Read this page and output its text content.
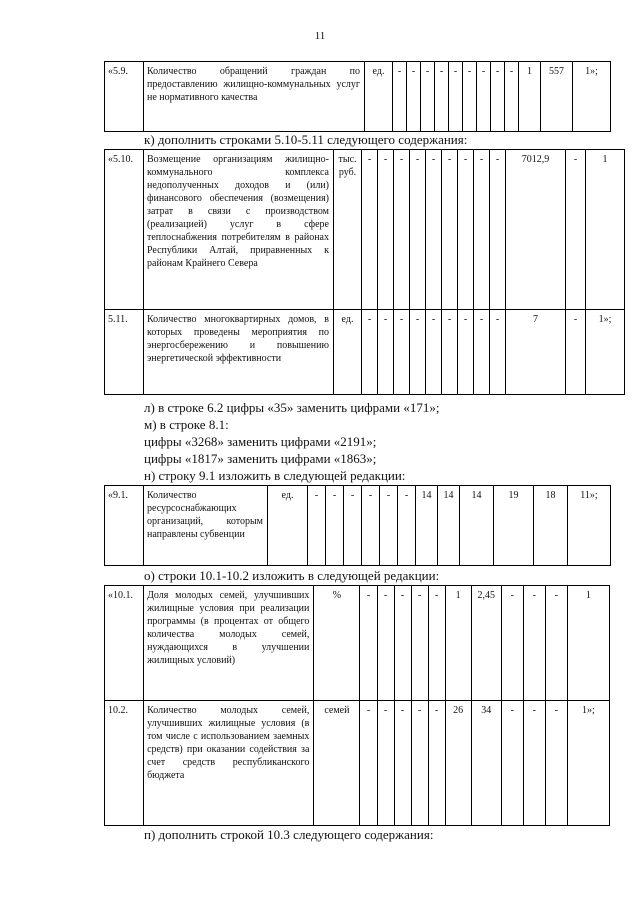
11
«5.9.	Количество обращений граждан по предоставлению жилищно-коммунальных услуг не нормативного качества	ед.	-	-	-	-	-	-	-	-	-	1	557	1»;
к) дополнить строками 5.10-5.11 следующего содержания:
«5.10.	Возмещение организациям жилищно-коммунального комплекса недополученных доходов и (или) финансового обеспечения (возмещения) затрат в связи с производством (реализацией) услуг в сфере теплоснабжения потребителям в районах Республики Алтай, приравненных к районам Крайнего Севера	тыс. руб.	-	-	-	-	-	-	-	-	-	7012,9	-	1
5.11.	Количество многоквартирных домов, в которых проведены мероприятия по энергосбережению и повышению энергетической эффективности	ед.	-	-	-	-	-	-	-	-	-	7	-	1»;
л) в строке 6.2 цифры «35» заменить цифрами «171»;
м) в строке 8.1:
цифры «3268» заменить цифрами «2191»;
цифры «1817» заменить цифрами «1863»;
н) строку 9.1 изложить в следующей редакции:
«9.1.	Количество ресурсоснабжающих организаций, которым направлены субвенции	ед.	-	-	-	-	-	-	14	14	14	19	18	11»;
о) строки 10.1-10.2 изложить в следующей редакции:
«10.1.	Доля молодых семей, улучшивших жилищные условия при реализации программы (в процентах от общего количества молодых семей, нуждающихся в улучшении жилищных условий)	%	-	-	-	-	-	1	2,45	-	-	-	1
10.2.	Количество молодых семей, улучшивших жилищные условия (в том числе с использованием заемных средств) при оказании содействия за счет средств республиканского бюджета	семей	-	-	-	-	-	26	34	-	-	-	1»;
п) дополнить строкой 10.3 следующего содержания:
